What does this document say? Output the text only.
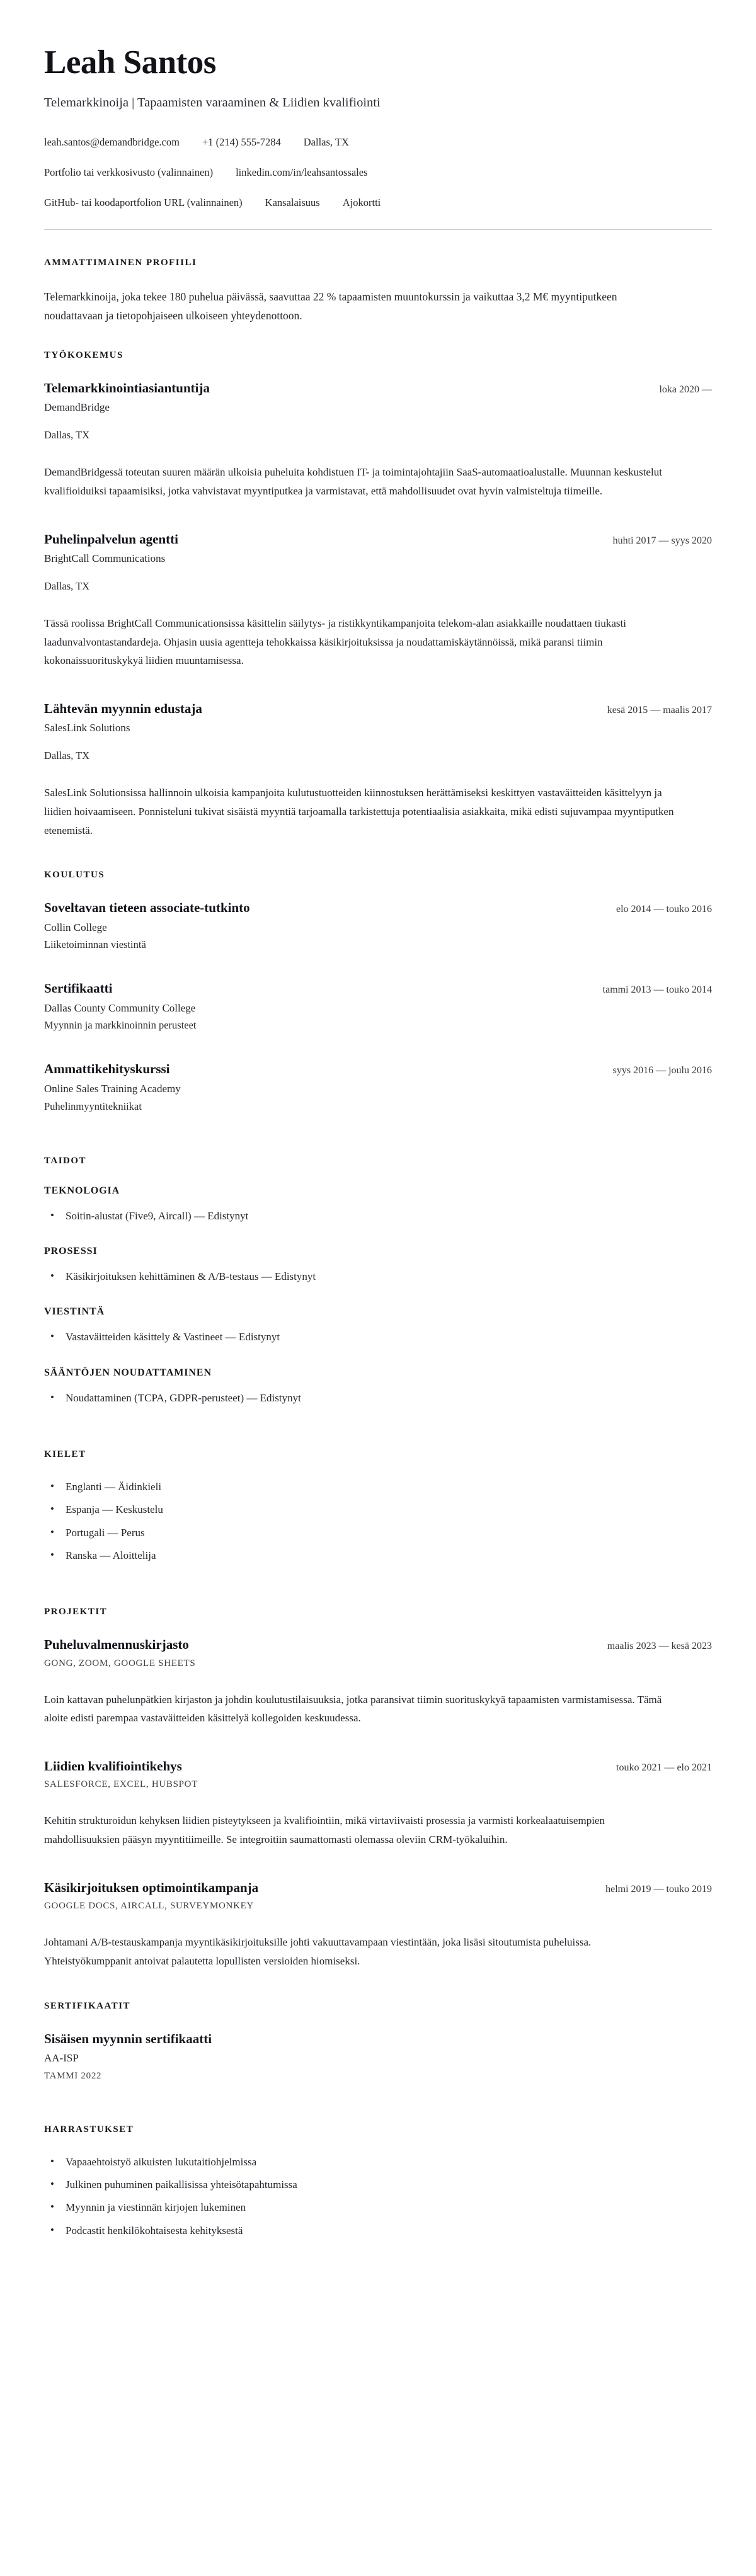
Leah Santos
Telemarkkinoija | Tapaamisten varaaminen & Liidien kvalifiointi
leah.santos@demandbridge.com +1 (214) 555-7284 Dallas, TX
Portfolio tai verkkosivusto (valinnainen) linkedin.com/in/leahsantossales
GitHub- tai koodaportfolion URL (valinnainen) Kansalaisuus Ajokortti
AMMATTIMAINEN PROFIILI

Telemarkkinoija, joka tekee 180 puhelua päivässä, saavuttaa 22 % tapaamisten muuntokurssin ja vaikuttaa 3,2 M€ myyntiputkeen noudattavaan ja tietopohjaiseen ulkoiseen yhteydenottoon.

TYÖKOKEMUS
Telemarkkinointiasiantuntija	loka 2020 —
DemandBridge
Dallas, TX

DemandBridgessä toteutan suuren määrän ulkoisia puheluita kohdistuen IT- ja toimintajohtajiin SaaS-automaatioalustalle. Muunnan keskustelut kvalifioiduiksi tapaamisiksi, jotka vahvistavat myyntiputkea ja varmistavat, että mahdollisuudet ovat hyvin valmisteltuja tiimeille.

Puhelinpalvelun agentti	huhti 2017 — syys 2020
BrightCall Communications
Dallas, TX

Tässä roolissa BrightCall Communicationsissa käsittelin säilytys- ja ristikkyntikampanjoita telekom-alan asiakkaille noudattaen tiukasti laadunvalvontastandardeja. Ohjasin uusia agentteja tehokkaissa käsikirjoituksissa ja noudattamiskäytännöissä, mikä paransi tiimin kokonaissuorituskykyä liidien muuntamisessa.

Lähtevän myynnin edustaja	kesä 2015 — maalis 2017
SalesLink Solutions
Dallas, TX

SalesLink Solutionsissa hallinnoin ulkoisia kampanjoita kulutustuotteiden kiinnostuksen herättämiseksi keskittyen vastaväitteiden käsittelyyn ja liidien hoivaamiseen. Ponnisteluni tukivat sisäistä myyntiä tarjoamalla tarkistettuja potentiaalisia asiakkaita, mikä edisti sujuvampaa myyntiputken etenemistä.

KOULUTUS
Soveltavan tieteen associate-tutkinto	elo 2014 — touko 2016
Collin College
Liiketoiminnan viestintä
Sertifikaatti	tammi 2013 — touko 2014
Dallas County Community College
Myynnin ja markkinoinnin perusteet
Ammattikehityskurssi	syys 2016 — joulu 2016
Online Sales Training Academy
Puhelinmyyntitekniikat
TAIDOT
TEKNOLOGIA
• Soitin-alustat (Five9, Aircall) — Edistynyt
PROSESSI
• Käsikirjoituksen kehittäminen & A/B-testaus — Edistynyt
VIESTINTÄ
• Vastaväitteiden käsittely & Vastineet — Edistynyt
SÄÄNTÖJEN NOUDATTAMINEN
• Noudattaminen (TCPA, GDPR-perusteet) — Edistynyt
KIELET
• Englanti — Äidinkieli
• Espanja — Keskustelu
• Portugali — Perus
• Ranska — Aloittelija
PROJEKTIT
Puheluvalmennuskirjasto	maalis 2023 — kesä 2023
GONG, ZOOM, GOOGLE SHEETS

Loin kattavan puhelunpätkien kirjaston ja johdin koulutustilaisuuksia, jotka paransivat tiimin suorituskykyä tapaamisten varmistamisessa. Tämä aloite edisti parempaa vastaväitteiden käsittelyä kollegoiden keskuudessa.

Liidien kvalifiointikehys	touko 2021 — elo 2021
SALESFORCE, EXCEL, HUBSPOT

Kehitin strukturoidun kehyksen liidien pisteytykseen ja kvalifiointiin, mikä virtaviivaisti prosessia ja varmisti korkealaatuisempien mahdollisuuksien pääsyn myyntitiimeille. Se integroitiin saumattomasti olemassa oleviin CRM-työkaluihin.

Käsikirjoituksen optimointikampanja	helmi 2019 — touko 2019
GOOGLE DOCS, AIRCALL, SURVEYMONKEY

Johtamani A/B-testauskampanja myyntikäsikirjoituksille johti vakuuttavampaan viestintään, joka lisäsi sitoutumista puheluissa. Yhteistyökumppanit antoivat palautetta lopullisten versioiden hiomiseksi.

SERTIFIKAATIT
Sisäisen myynnin sertifikaatti
AA-ISP
TAMMI 2022
HARRASTUKSET
• Vapaaehtoistyö aikuisten lukutaitiohjelmissa
• Julkinen puhuminen paikallisissa yhteisötapahtumissa
• Myynnin ja viestinnän kirjojen lukeminen
• Podcastit henkilökohtaisesta kehityksestä
